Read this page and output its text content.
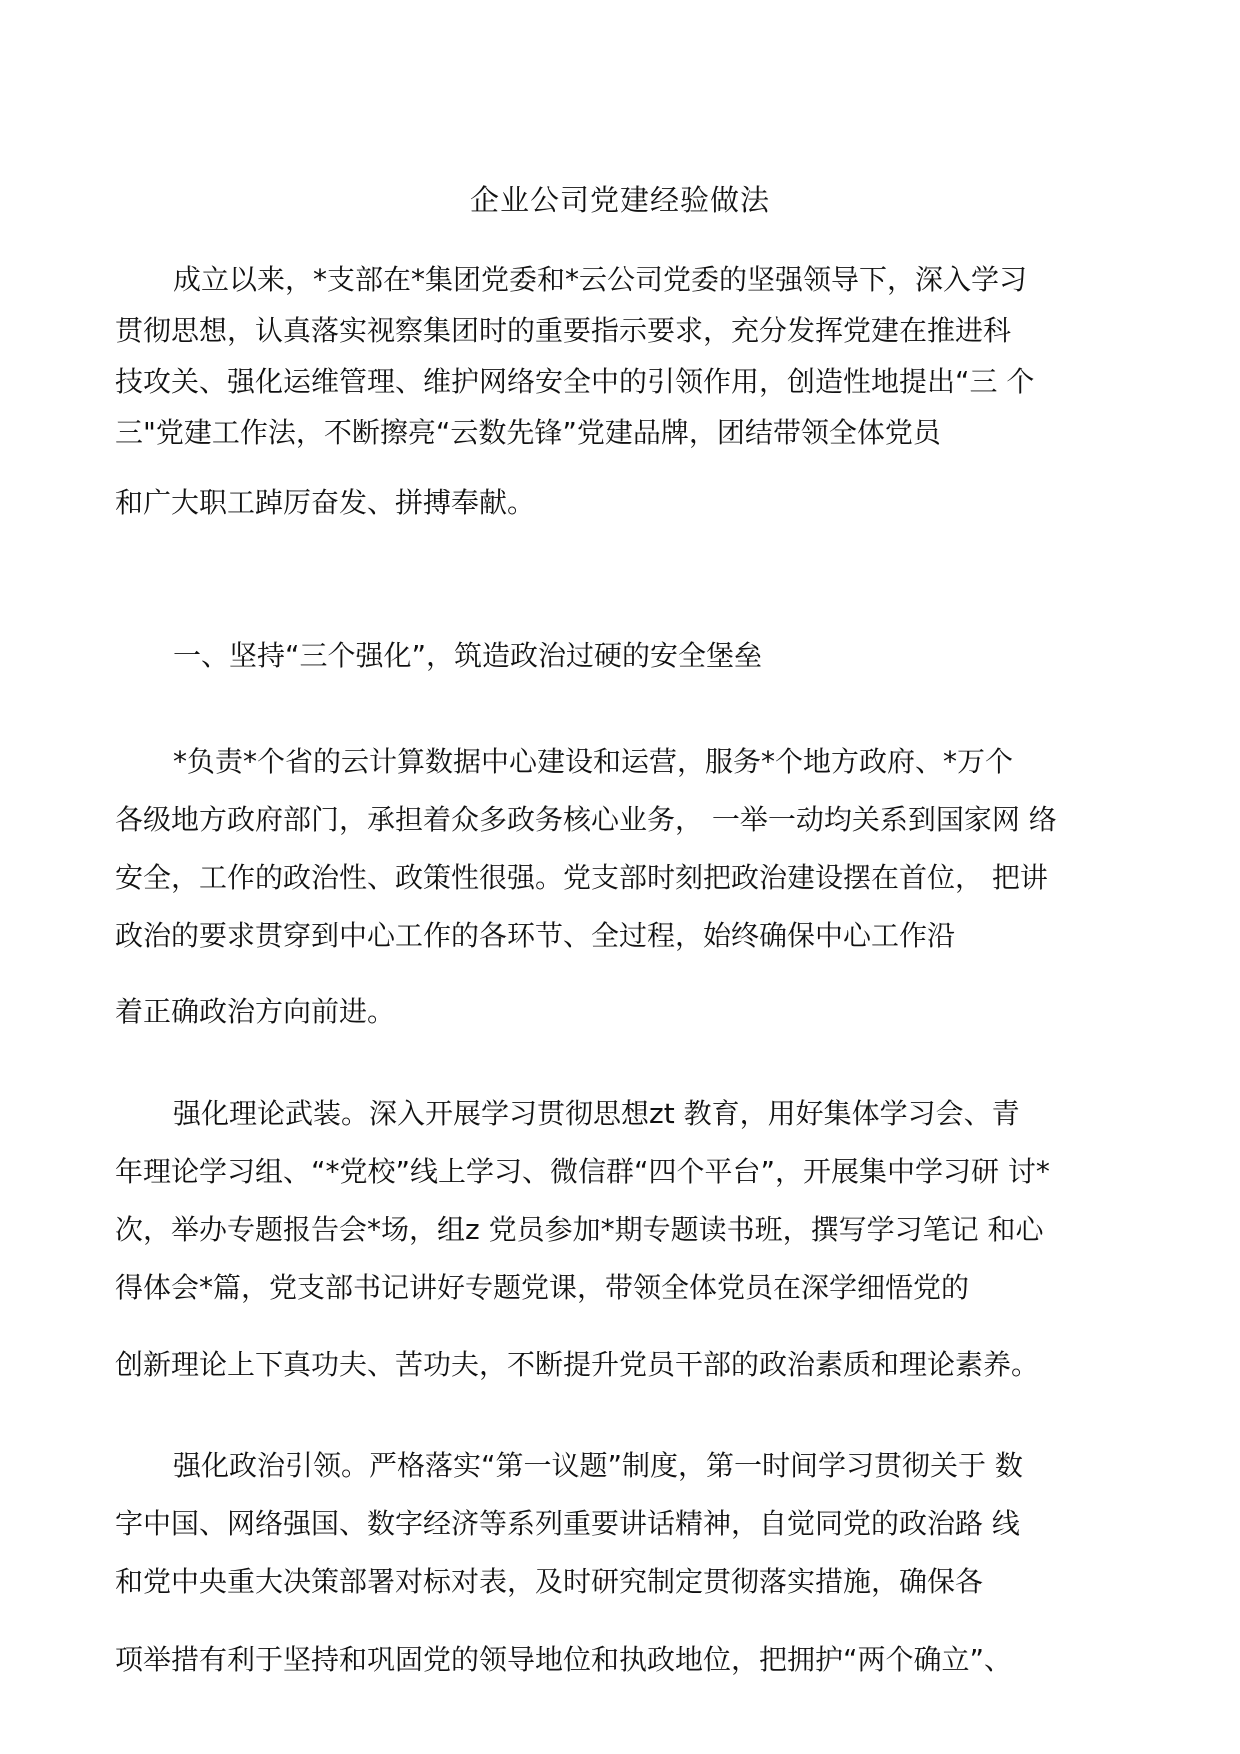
企业公司党建经验做法
成立以来，*支部在*集团党委和*云公司党委的坚强领导下，深入学习
贯彻思想，认真落实视察集团时的重要指示要求，充分发挥党建在推进科
技攻关、强化运维管理、维护网络安全中的引领作用，创造性地提出“三 个
三"党建工作法，不断擦亮“云数先锋”党建品牌，团结带领全体党员
和广大职工踔厉奋发、拼搏奉献。
一、坚持“三个强化”，筑造政治过硬的安全堡垒
*负责*个省的云计算数据中心建设和运营，服务*个地方政府、*万个
各级地方政府部门，承担着众多政务核心业务， 一举一动均关系到国家网 络
安全，工作的政治性、政策性很强。党支部时刻把政治建设摆在首位， 把讲
政治的要求贯穿到中心工作的各环节、全过程，始终确保中心工作沿
着正确政治方向前进。
强化理论武装。深入开展学习贯彻思想zt 教育，用好集体学习会、青
年理论学习组、“*党校”线上学习、微信群“四个平台”，开展集中学习研 讨*
次，举办专题报告会*场，组z 党员参加*期专题读书班，撰写学习笔记 和心
得体会*篇，党支部书记讲好专题党课，带领全体党员在深学细悟党的
创新理论上下真功夫、苦功夫，不断提升党员干部的政治素质和理论素养。
强化政治引领。严格落实“第一议题”制度，第一时间学习贯彻关于 数
字中国、网络强国、数字经济等系列重要讲话精神，自觉同党的政治路 线
和党中央重大决策部署对标对表，及时研究制定贯彻落实措施，确保各
项举措有利于坚持和巩固党的领导地位和执政地位，把拥护“两个确立”、
